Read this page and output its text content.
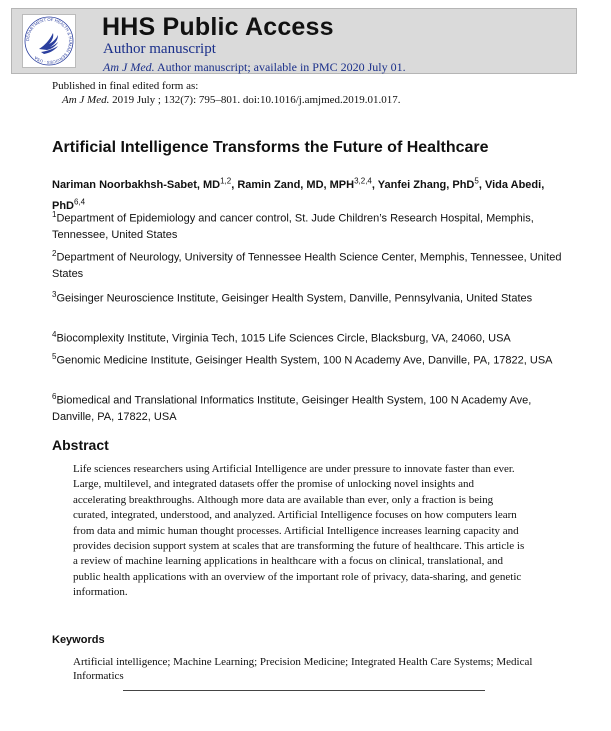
DEPARTMENT OF HEALTH & HUMAN SERVICES · USA
HHS Public Access
Author manuscript
Am J Med. Author manuscript; available in PMC 2020 July 01.
Published in final edited form as:
Am J Med. 2019 July ; 132(7): 795–801. doi:10.1016/j.amjmed.2019.01.017.
Artificial Intelligence Transforms the Future of Healthcare
Nariman Noorbakhsh-Sabet, MD$^{1,2}$, Ramin Zand, MD, MPH$^{3,2,4}$, Yanfei Zhang, PhD$^5$, Vida Abedi, PhD$^{6,4}$
$^1$Department of Epidemiology and cancer control, St. Jude Children’s Research Hospital, Memphis, Tennessee, United States
$^2$Department of Neurology, University of Tennessee Health Science Center, Memphis, Tennessee, United States
$^3$Geisinger Neuroscience Institute, Geisinger Health System, Danville, Pennsylvania, United States
$^4$Biocomplexity Institute, Virginia Tech, 1015 Life Sciences Circle, Blacksburg, VA, 24060, USA
$^5$Genomic Medicine Institute, Geisinger Health System, 100 N Academy Ave, Danville, PA, 17822, USA
$^6$Biomedical and Translational Informatics Institute, Geisinger Health System, 100 N Academy Ave, Danville, PA, 17822, USA
Abstract
Life sciences researchers using Artificial Intelligence are under pressure to innovate faster than ever. Large, multilevel, and integrated datasets offer the promise of unlocking novel insights and accelerating breakthroughs. Although more data are available than ever, only a fraction is being curated, integrated, understood, and analyzed. Artificial Intelligence focuses on how computers learn from data and mimic human thought processes. Artificial Intelligence increases learning capacity and provides decision support system at scales that are transforming the future of healthcare. This article is a review of machine learning applications in healthcare with a focus on clinical, translational, and public health applications with an overview of the important role of privacy, data-sharing, and genetic information.
Keywords
Artificial intelligence; Machine Learning; Precision Medicine; Integrated Health Care Systems; Medical Informatics
